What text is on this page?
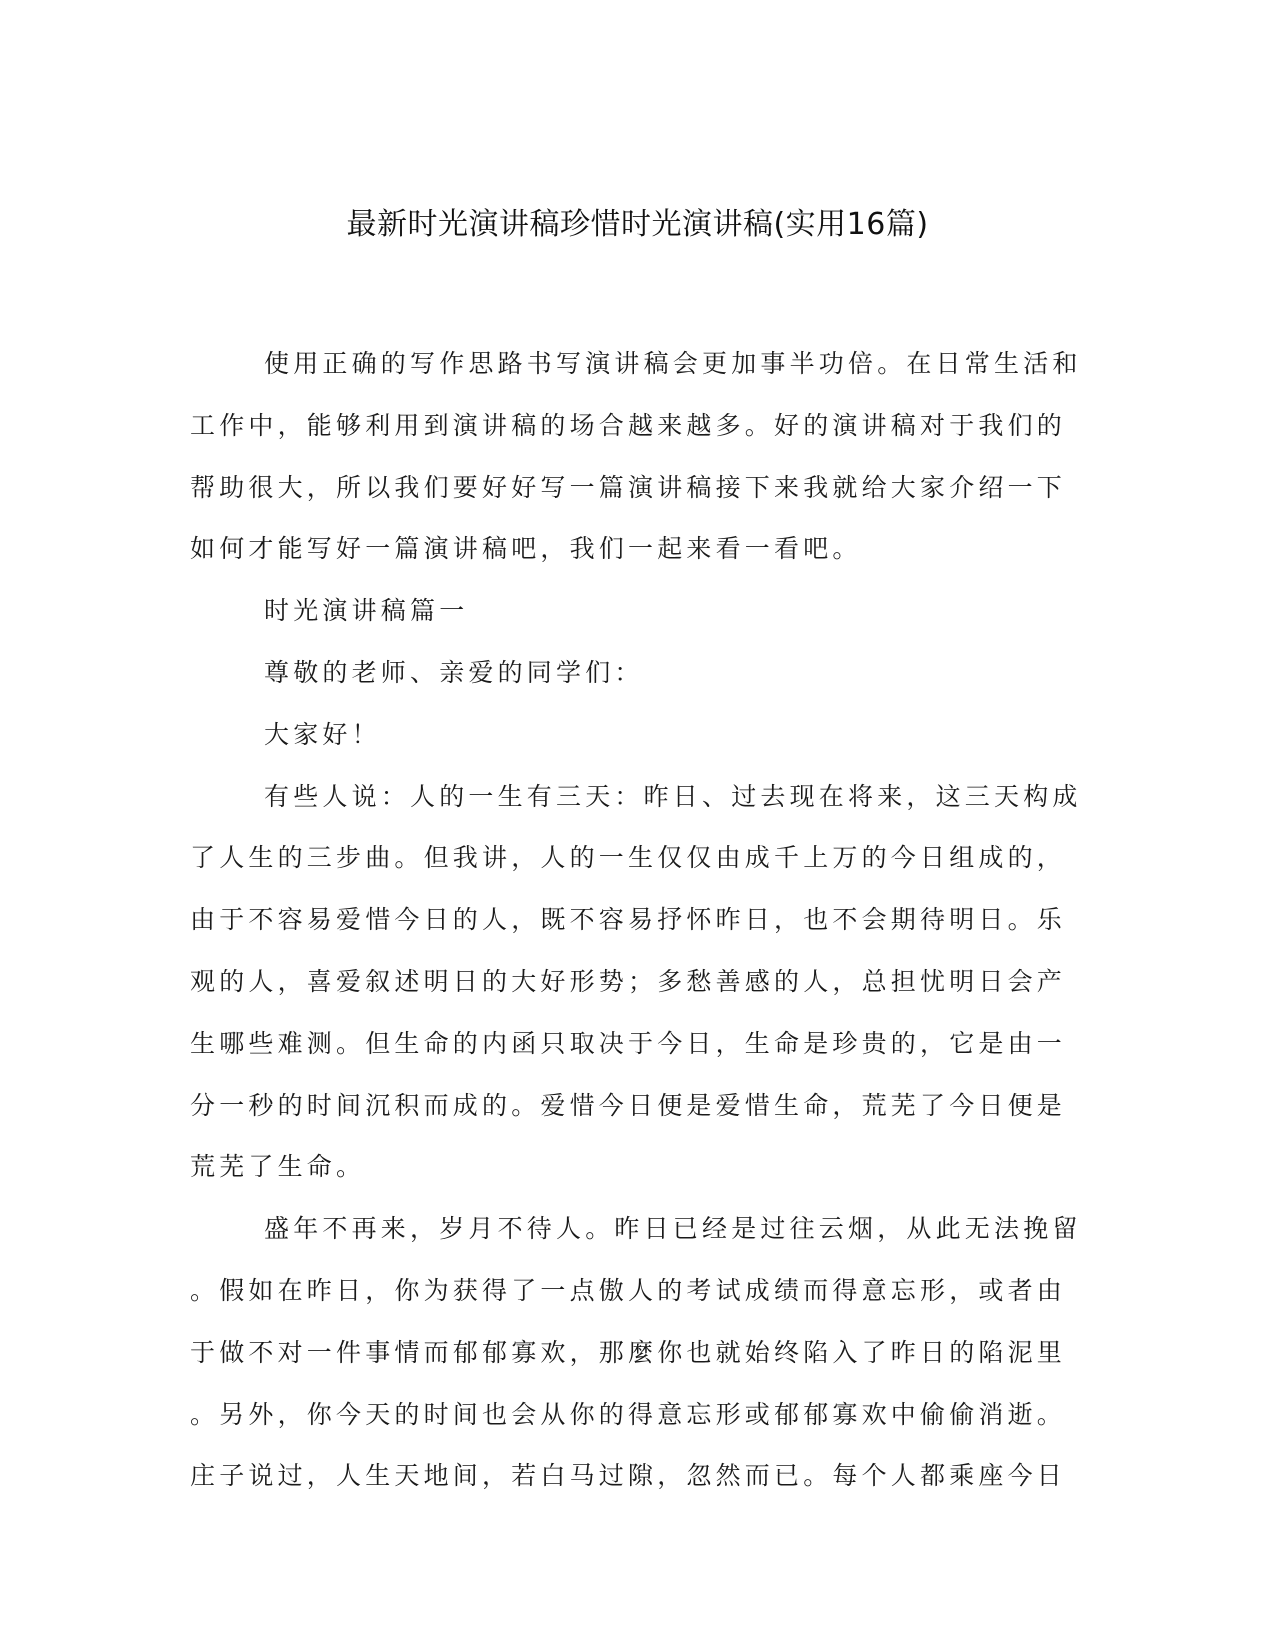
最新时光演讲稿珍惜时光演讲稿(实用16篇)

使用正确的写作思路书写演讲稿会更加事半功倍。在日常生活和
工作中，能够利用到演讲稿的场合越来越多。好的演讲稿对于我们的
帮助很大，所以我们要好好写一篇演讲稿接下来我就给大家介绍一下
如何才能写好一篇演讲稿吧，我们一起来看一看吧。

时光演讲稿篇一

尊敬的老师、亲爱的同学们：

大家好！

有些人说：人的一生有三天：昨日、过去现在将来，这三天构成
了人生的三步曲。但我讲，人的一生仅仅由成千上万的今日组成的，
由于不容易爱惜今日的人，既不容易抒怀昨日，也不会期待明日。乐
观的人，喜爱叙述明日的大好形势；多愁善感的人，总担忧明日会产
生哪些难测。但生命的内函只取决于今日，生命是珍贵的，它是由一
分一秒的时间沉积而成的。爱惜今日便是爱惜生命，荒芜了今日便是
荒芜了生命。

盛年不再来，岁月不待人。昨日已经是过往云烟，从此无法挽留
。假如在昨日，你为获得了一点傲人的考试成绩而得意忘形，或者由
于做不对一件事情而郁郁寡欢，那麼你也就始终陷入了昨日的陷泥里
。另外，你今天的时间也会从你的得意忘形或郁郁寡欢中偷偷消逝。
庄子说过，人生天地间，若白马过隙，忽然而已。每个人都乘座今日
